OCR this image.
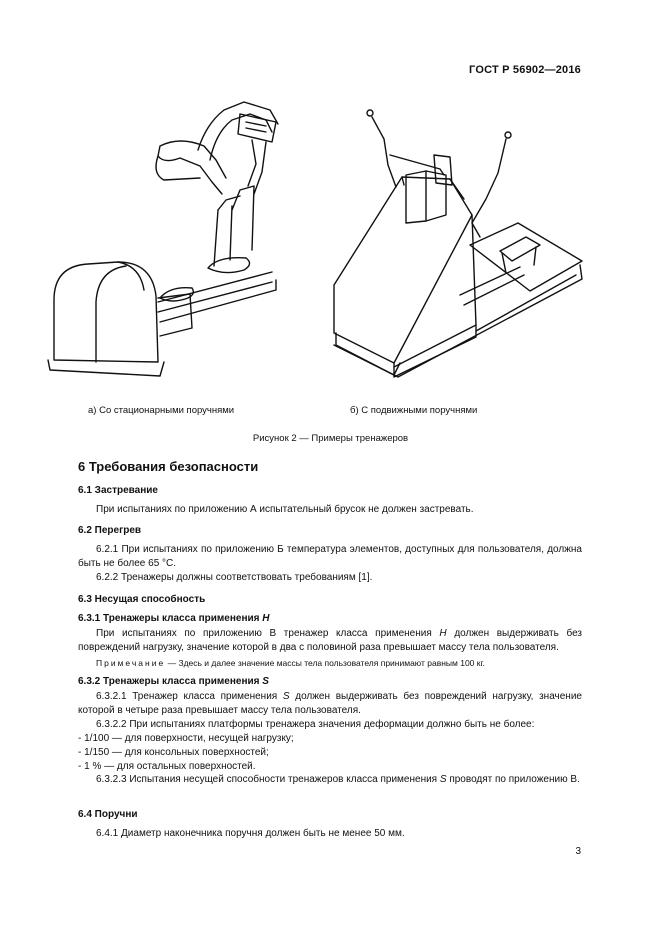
ГОСТ Р 56902—2016
а) Со стационарными поручнями	б) С подвижными поручнями
Рисунок 2 — Примеры тренажеров
6 Требования безопасности
6.1 Застревание
При испытаниях по приложению А испытательный брусок не должен застревать.
6.2 Перегрев
6.2.1 При испытаниях по приложению Б температура элементов, доступных для пользователя, должна быть не более 65 °С.
6.2.2 Тренажеры должны соответствовать требованиям [1].
6.3 Несущая способность
6.3.1 Тренажеры класса применения H
При испытаниях по приложению В тренажер класса применения H должен выдерживать без повреждений нагрузку, значение которой в два с половиной раза превышает массу тела пользователя.
Примечание — Здесь и далее значение массы тела пользователя принимают равным 100 кг.
6.3.2 Тренажеры класса применения S
6.3.2.1 Тренажер класса применения S должен выдерживать без повреждений нагрузку, значение которой в четыре раза превышает массу тела пользователя.
6.3.2.2 При испытаниях платформы тренажера значения деформации должно быть не более:
- 1/100 — для поверхности, несущей нагрузку;
- 1/150 — для консольных поверхностей;
- 1 % — для остальных поверхностей.
6.3.2.3 Испытания несущей способности тренажеров класса применения S проводят по приложению В.
6.4 Поручни
6.4.1 Диаметр наконечника поручня должен быть не менее 50 мм.
3
